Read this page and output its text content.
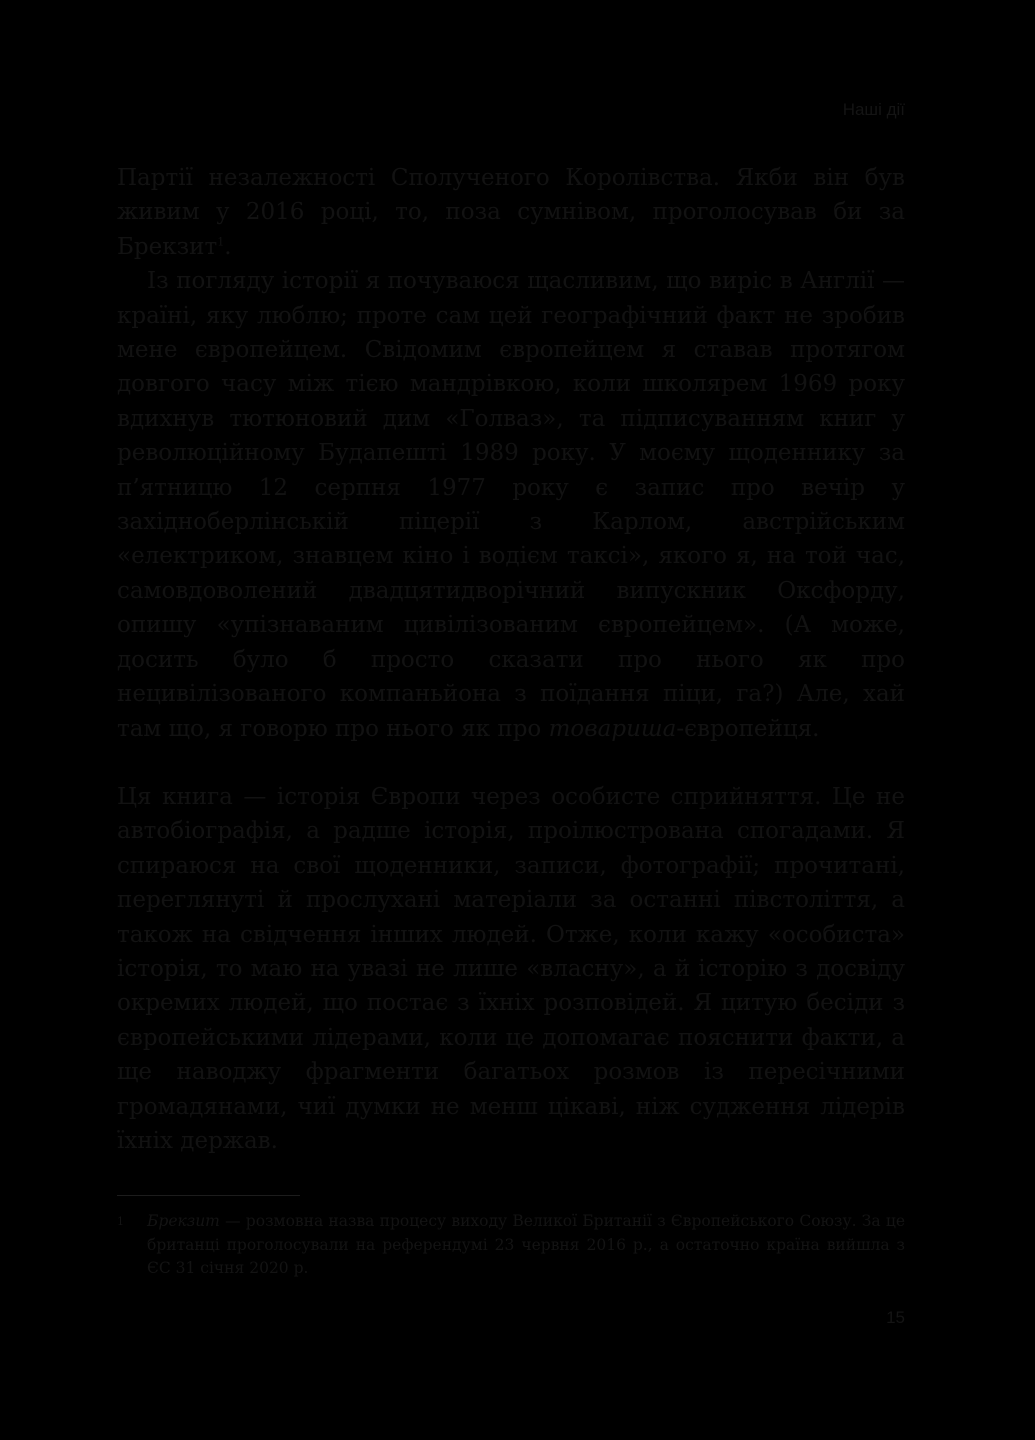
Наші дії

Партії незалежності Сполученого Королівства. Якби він був живим у 2016 році, то, поза сумнівом, проголосував би за Брекзит$^1$.

Із погляду історії я почуваюся щасливим, що виріс в Англії — країні, яку люблю; проте сам цей географічний факт не зробив мене європейцем. Свідомим європейцем я ставав протягом довгого часу між тією мандрівкою, коли школярем 1969 року вдихнув тютюновий дим «Голваз», та підписуванням книг у революційному Будапешті 1989 року. У моєму щоденнику за п’ятницю 12 серпня 1977 року є запис про вечір у західноберлінській піцерії з Карлом, австрійським «електриком, знавцем кіно і водієм таксі», якого я, на той час, самовдоволений двадцятидворічний випускник Оксфорду, опишу «упізнаваним цивілізованим європейцем». (А може, досить було б просто сказати про нього як про нецивілізованого компаньйона з поїдання піци, га?) Але, хай там що, я говорю про нього як про товариша-європейця.

Ця книга — історія Європи через особисте сприйняття. Це не автобіографія, а радше історія, проілюстрована спогадами. Я спираюся на свої щоденники, записи, фотографії; прочитані, переглянуті й прослухані матеріали за останні півстоліття, а також на свідчення інших людей. Отже, коли кажу «особиста» історія, то маю на увазі не лише «власну», а й історію з досвіду окремих людей, що постає з їхніх розповідей. Я цитую бесіди з європейськими лідерами, коли це допомагає пояснити факти, а ще наводжу фрагменти багатьох розмов із пересічними громадянами, чиї думки не менш цікаві, ніж судження лідерів їхніх держав.

1 Брекзит — розмовна назва процесу виходу Великої Британії з Європейського Союзу. За це британці проголосували на референдумі 23 червня 2016 р., а остаточно країна вийшла з ЄС 31 січня 2020 р.

15
